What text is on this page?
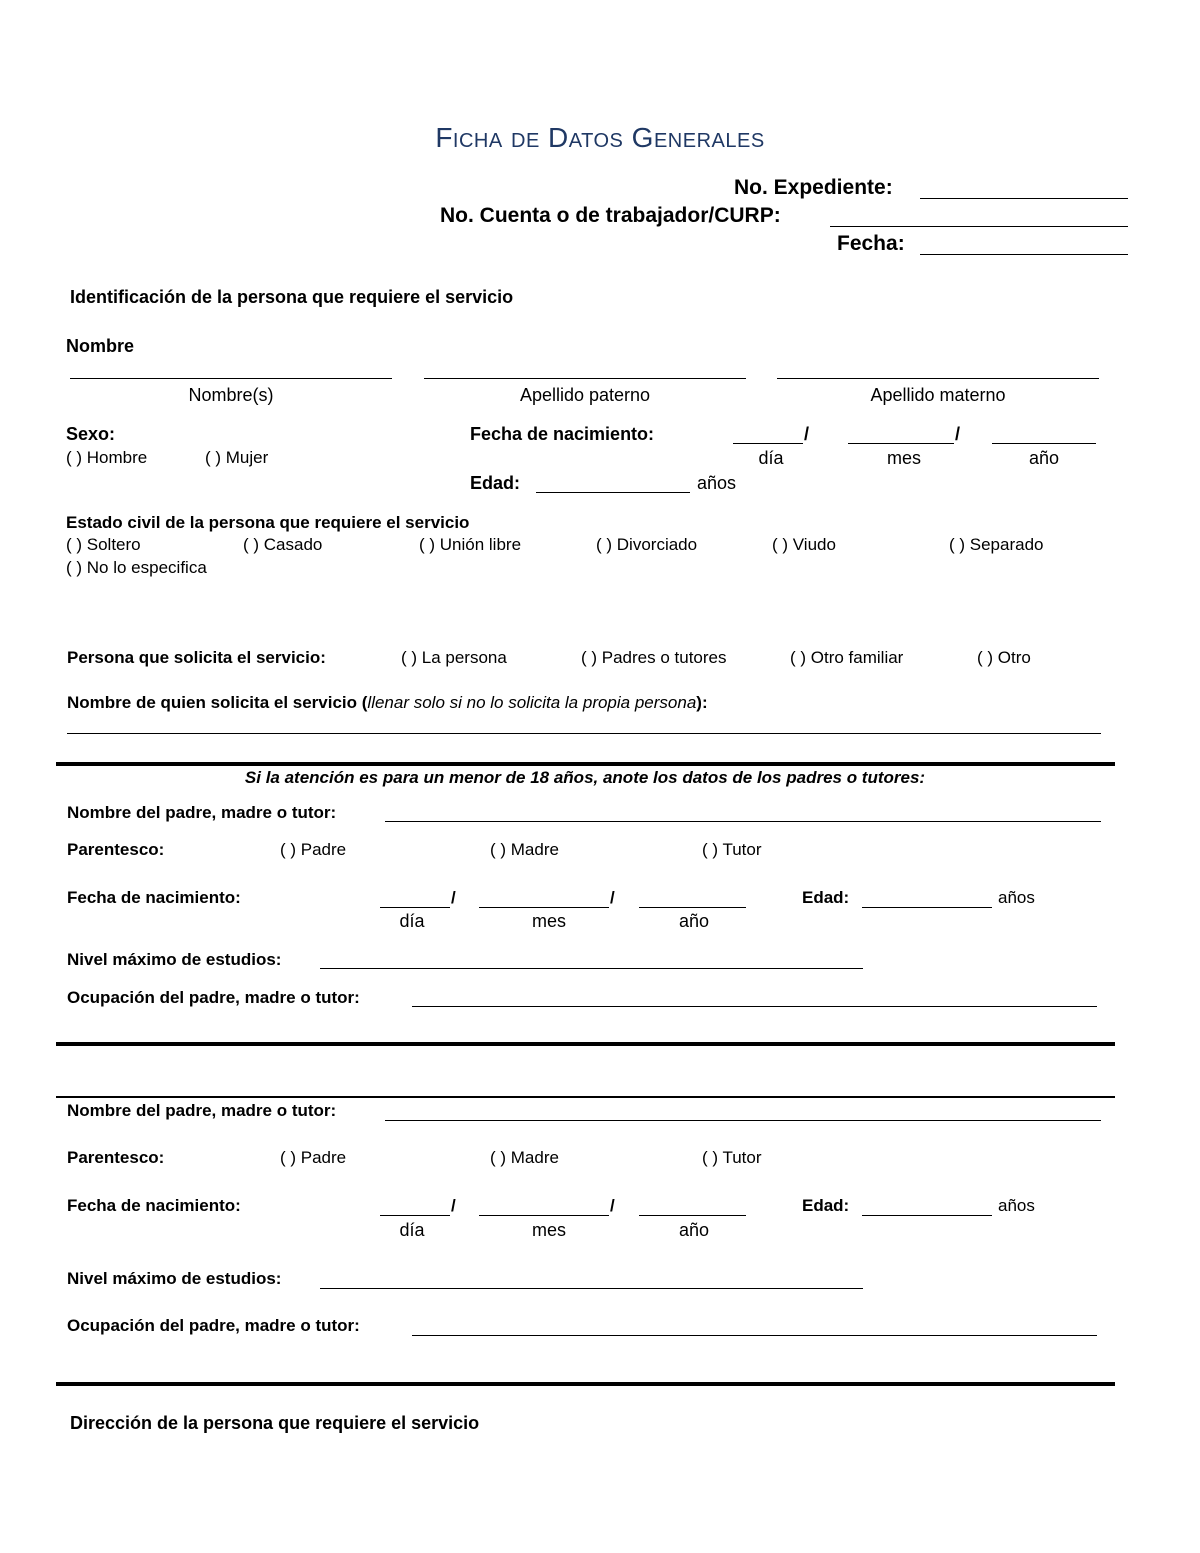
Ficha de Datos Generales
No. Expediente:
No. Cuenta o de trabajador/CURP:
Fecha:
Identificación de la persona que requiere el servicio
Nombre
Nombre(s)	Apellido paterno	Apellido materno
Sexo:
( ) Hombre	( ) Mujer
Fecha de nacimiento:	/	/
día	mes	año
Edad:	años
Estado civil de la persona que requiere el servicio
( ) Soltero	( ) Casado	( ) Unión libre	( ) Divorciado	( ) Viudo	( ) Separado
( ) No lo especifica
Persona que solicita el servicio:	( ) La persona	( ) Padres o tutores	( ) Otro familiar	( ) Otro
Nombre de quien solicita el servicio (llenar solo si no lo solicita la propia persona):
Si la atención es para un menor de 18 años, anote los datos de los padres o tutores:
Nombre del padre, madre o tutor:
Parentesco:	( ) Padre	( ) Madre	( ) Tutor
Fecha de nacimiento:	/	/
día	mes	año
Edad:	años
Nivel máximo de estudios:
Ocupación del padre, madre o tutor:
Nombre del padre, madre o tutor:
Parentesco:	( ) Padre	( ) Madre	( ) Tutor
Fecha de nacimiento:	/	/
día	mes	año
Edad:	años
Nivel máximo de estudios:
Ocupación del padre, madre o tutor:
Dirección de la persona que requiere el servicio
